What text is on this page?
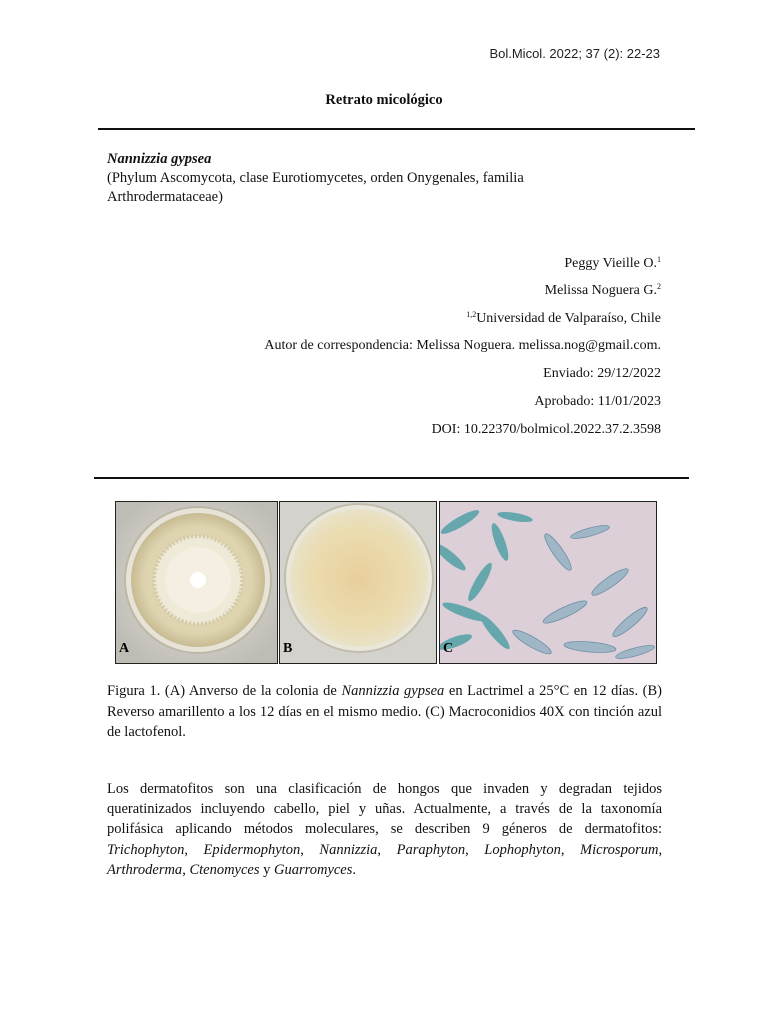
Bol.Micol. 2022; 37 (2): 22-23
Retrato micológico
Nannizzia gypsea
(Phylum Ascomycota, clase Eurotiomycetes, orden Onygenales, familia
Arthrodermataceae)
Peggy Vieille O.$^1$
Melissa Noguera G.$^2$
$^{1,2}$Universidad de Valparaíso, Chile
Autor de correspondencia: Melissa Noguera. melissa.nog@gmail.com.
Enviado: 29/12/2022
Aprobado: 11/01/2023
DOI: 10.22370/bolmicol.2022.37.2.3598
A	B	C
Figura 1. (A) Anverso de la colonia de Nannizzia gypsea en Lactrimel a 25°C en 12 días. (B) Reverso amarillento a los 12 días en el mismo medio. (C) Macroconidios 40X con tinción azul de lactofenol.
Los dermatofitos son una clasificación de hongos que invaden y degradan tejidos queratinizados incluyendo cabello, piel y uñas. Actualmente, a través de la taxonomía polifásica aplicando métodos moleculares, se describen 9 géneros de dermatofitos: Trichophyton, Epidermophyton, Nannizzia, Paraphyton, Lophophyton, Microsporum, Arthroderma, Ctenomyces y Guarromyces.
